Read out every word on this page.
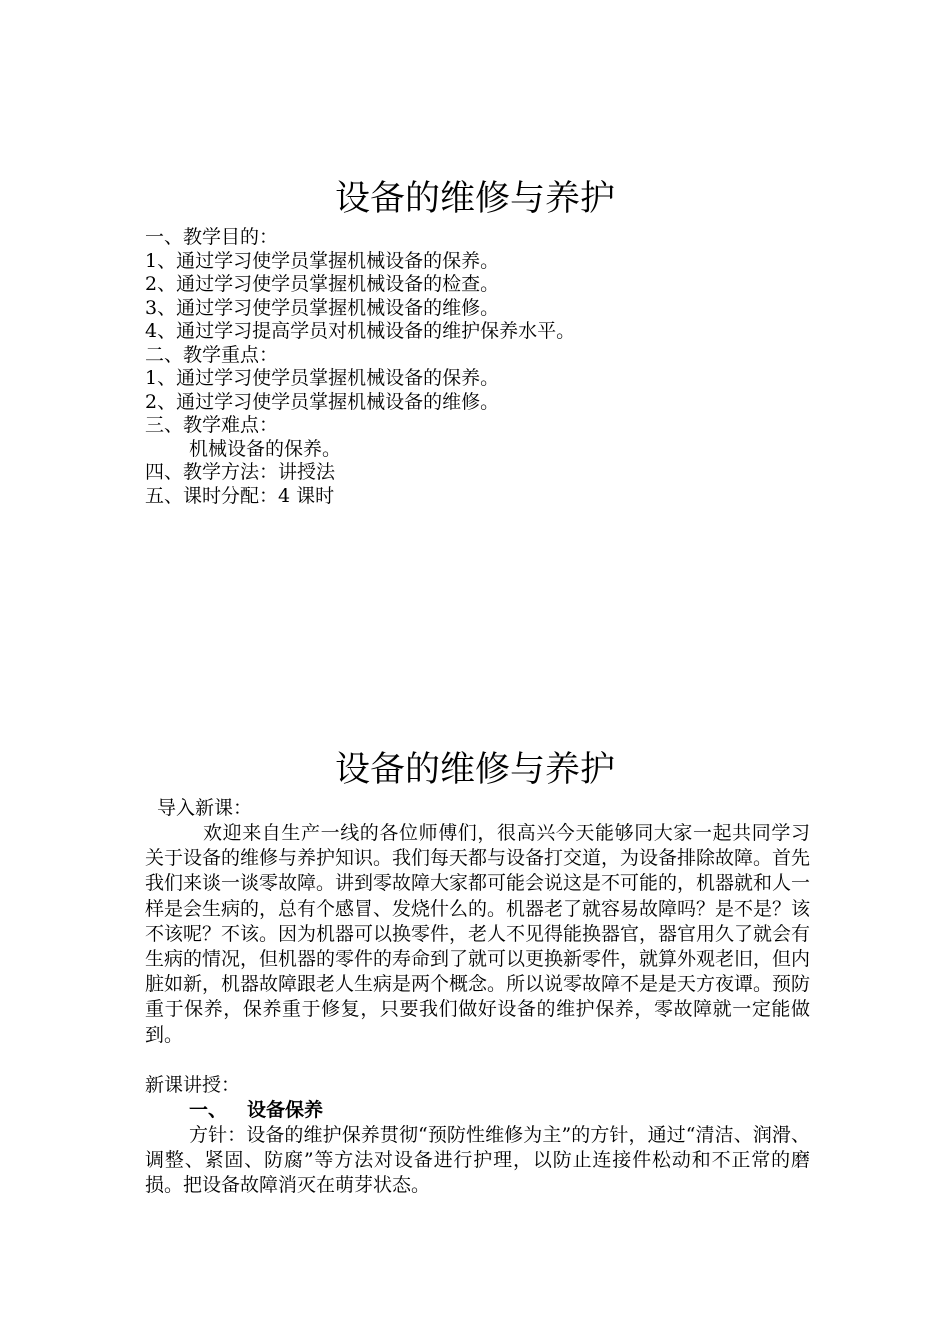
设备的维修与养护
一、教学目的：
1、通过学习使学员掌握机械设备的保养。
2、通过学习使学员掌握机械设备的检查。
3、通过学习使学员掌握机械设备的维修。
4、通过学习提高学员对机械设备的维护保养水平。
二、教学重点：
1、通过学习使学员掌握机械设备的保养。
2、通过学习使学员掌握机械设备的维修。
三、教学难点：
机械设备的保养。
四、教学方法：讲授法
五、课时分配：4 课时
设备的维修与养护
导入新课：
欢迎来自生产一线的各位师傅们，很高兴今天能够同大家一起共同学习关于设备的维修与养护知识。我们每天都与设备打交道，为设备排除故障。首先我们来谈一谈零故障。讲到零故障大家都可能会说这是不可能的，机器就和人一样是会生病的，总有个感冒、发烧什么的。机器老了就容易故障吗？是不是？该不该呢？不该。因为机器可以换零件，老人不见得能换器官，器官用久了就会有生病的情况，但机器的零件的寿命到了就可以更换新零件，就算外观老旧，但内脏如新，机器故障跟老人生病是两个概念。所以说零故障不是是天方夜谭。预防重于保养，保养重于修复，只要我们做好设备的维护保养，零故障就一定能做到。
新课讲授：
一、 设备保养
方针：设备的维护保养贯彻“预防性维修为主”的方针，通过“清洁、润滑、调整、紧固、防腐”等方法对设备进行护理，以防止连接件松动和不正常的磨损。把设备故障消灭在萌芽状态。
